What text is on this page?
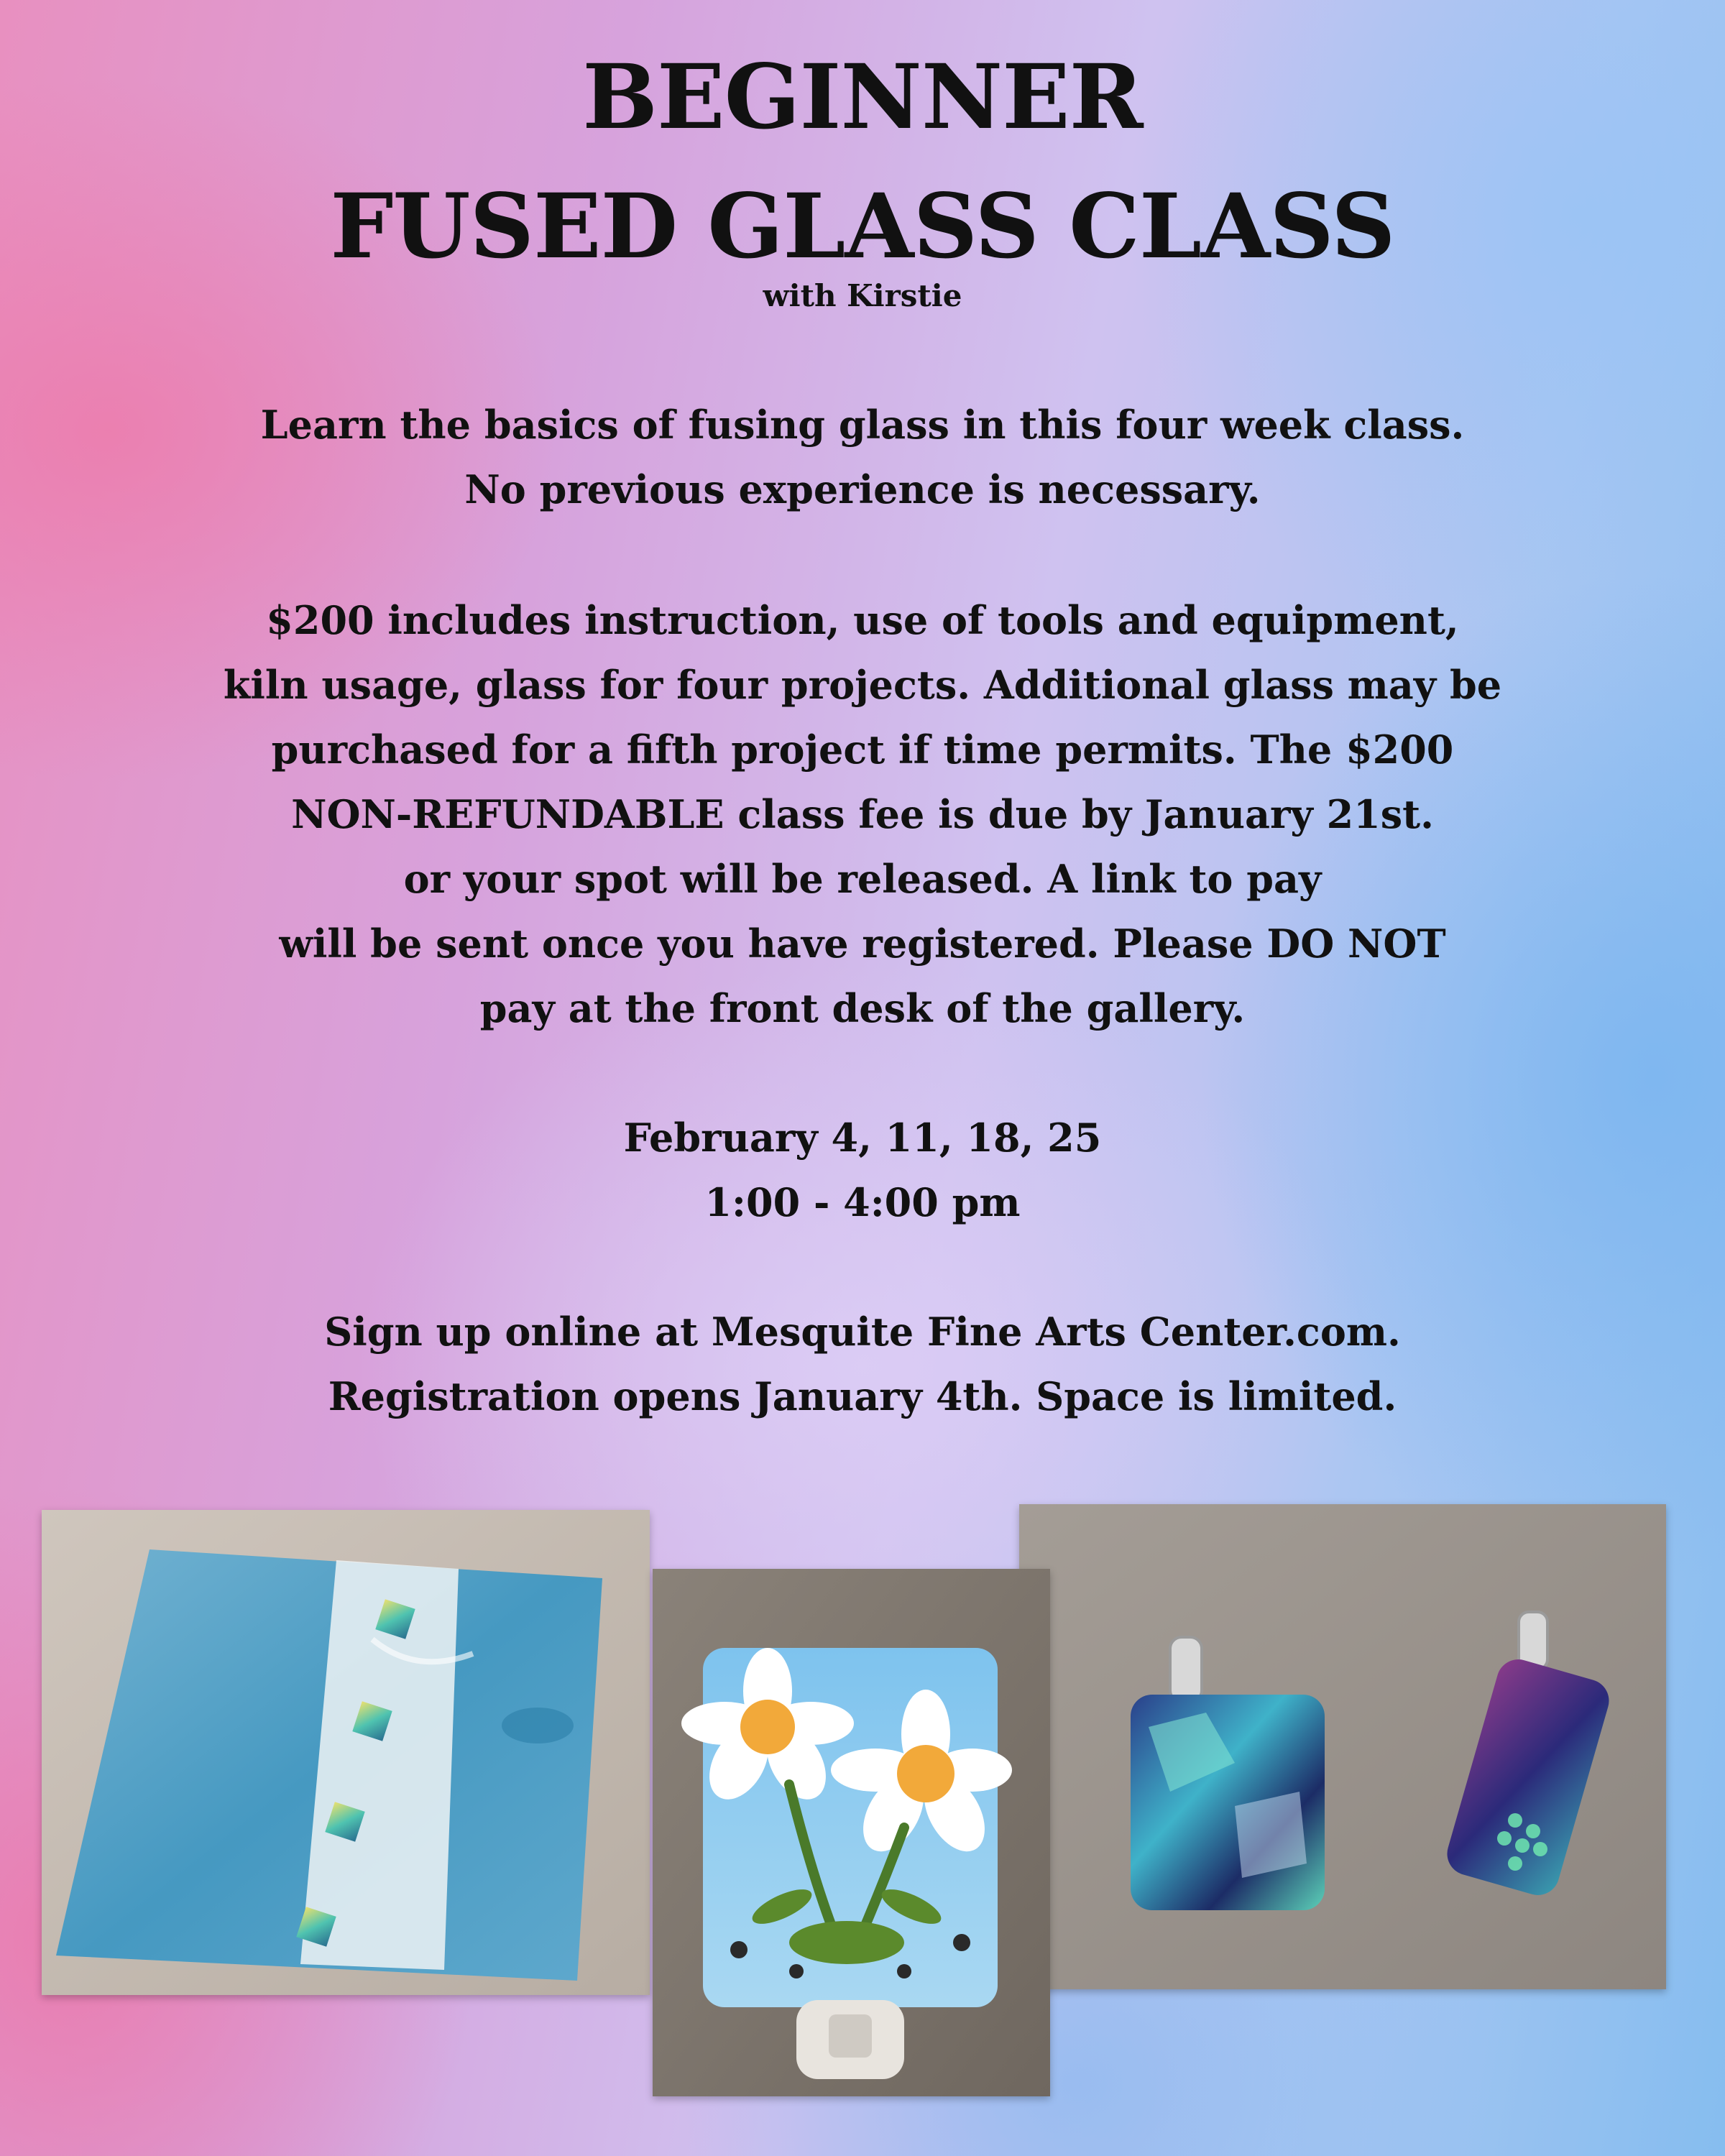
BEGINNER
FUSED GLASS CLASS

with Kirstie

Learn the basics of fusing glass in this four week class.
No previous experience is necessary.
$200 includes instruction, use of tools and equipment,
kiln usage, glass for four projects. Additional glass may be
purchased for a fifth project if time permits. The $200
NON-REFUNDABLE class fee is due by January 21st.
or your spot will be released. A link to pay
will be sent once you have registered. Please DO NOT
pay at the front desk of the gallery.
February 4, 11, 18, 25
1:00 - 4:00 pm
Sign up online at Mesquite Fine Arts Center.com.
Registration opens January 4th. Space is limited.
